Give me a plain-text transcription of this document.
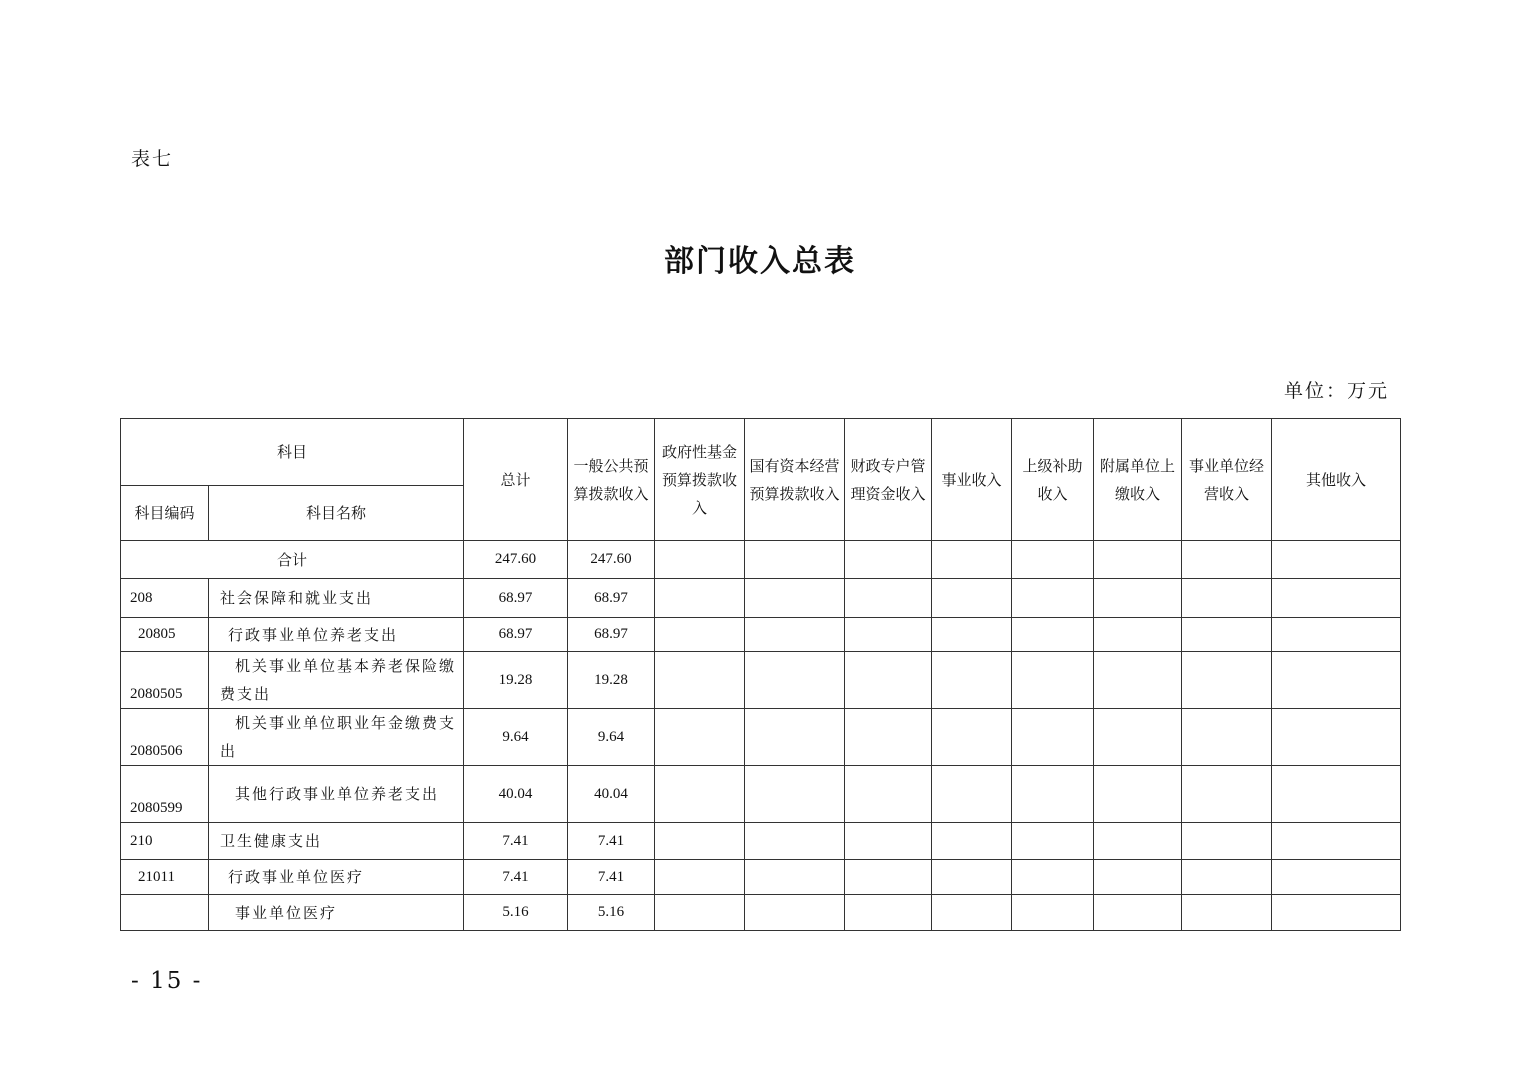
表七
部门收入总表
单位：万元
科目		总计	一般公共预算拨款收入	政府性基金预算拨款收入	国有资本经营预算拨款收入	财政专户管理资金收入	事业收入	上级补助收入	附属单位上缴收入	事业单位经营收入	其他收入
科目编码	科目名称										
合计		247.60	247.60								
208	社会保障和就业支出	68.97	68.97								
20805	行政事业单位养老支出	68.97	68.97								
2080505	机关事业单位基本养老保险缴费支出	19.28	19.28								
2080506	机关事业单位职业年金缴费支出	9.64	9.64								
2080599	其他行政事业单位养老支出	40.04	40.04								
210	卫生健康支出	7.41	7.41								
21011	行政事业单位医疗	7.41	7.41								
	事业单位医疗	5.16	5.16								
- 15 -
